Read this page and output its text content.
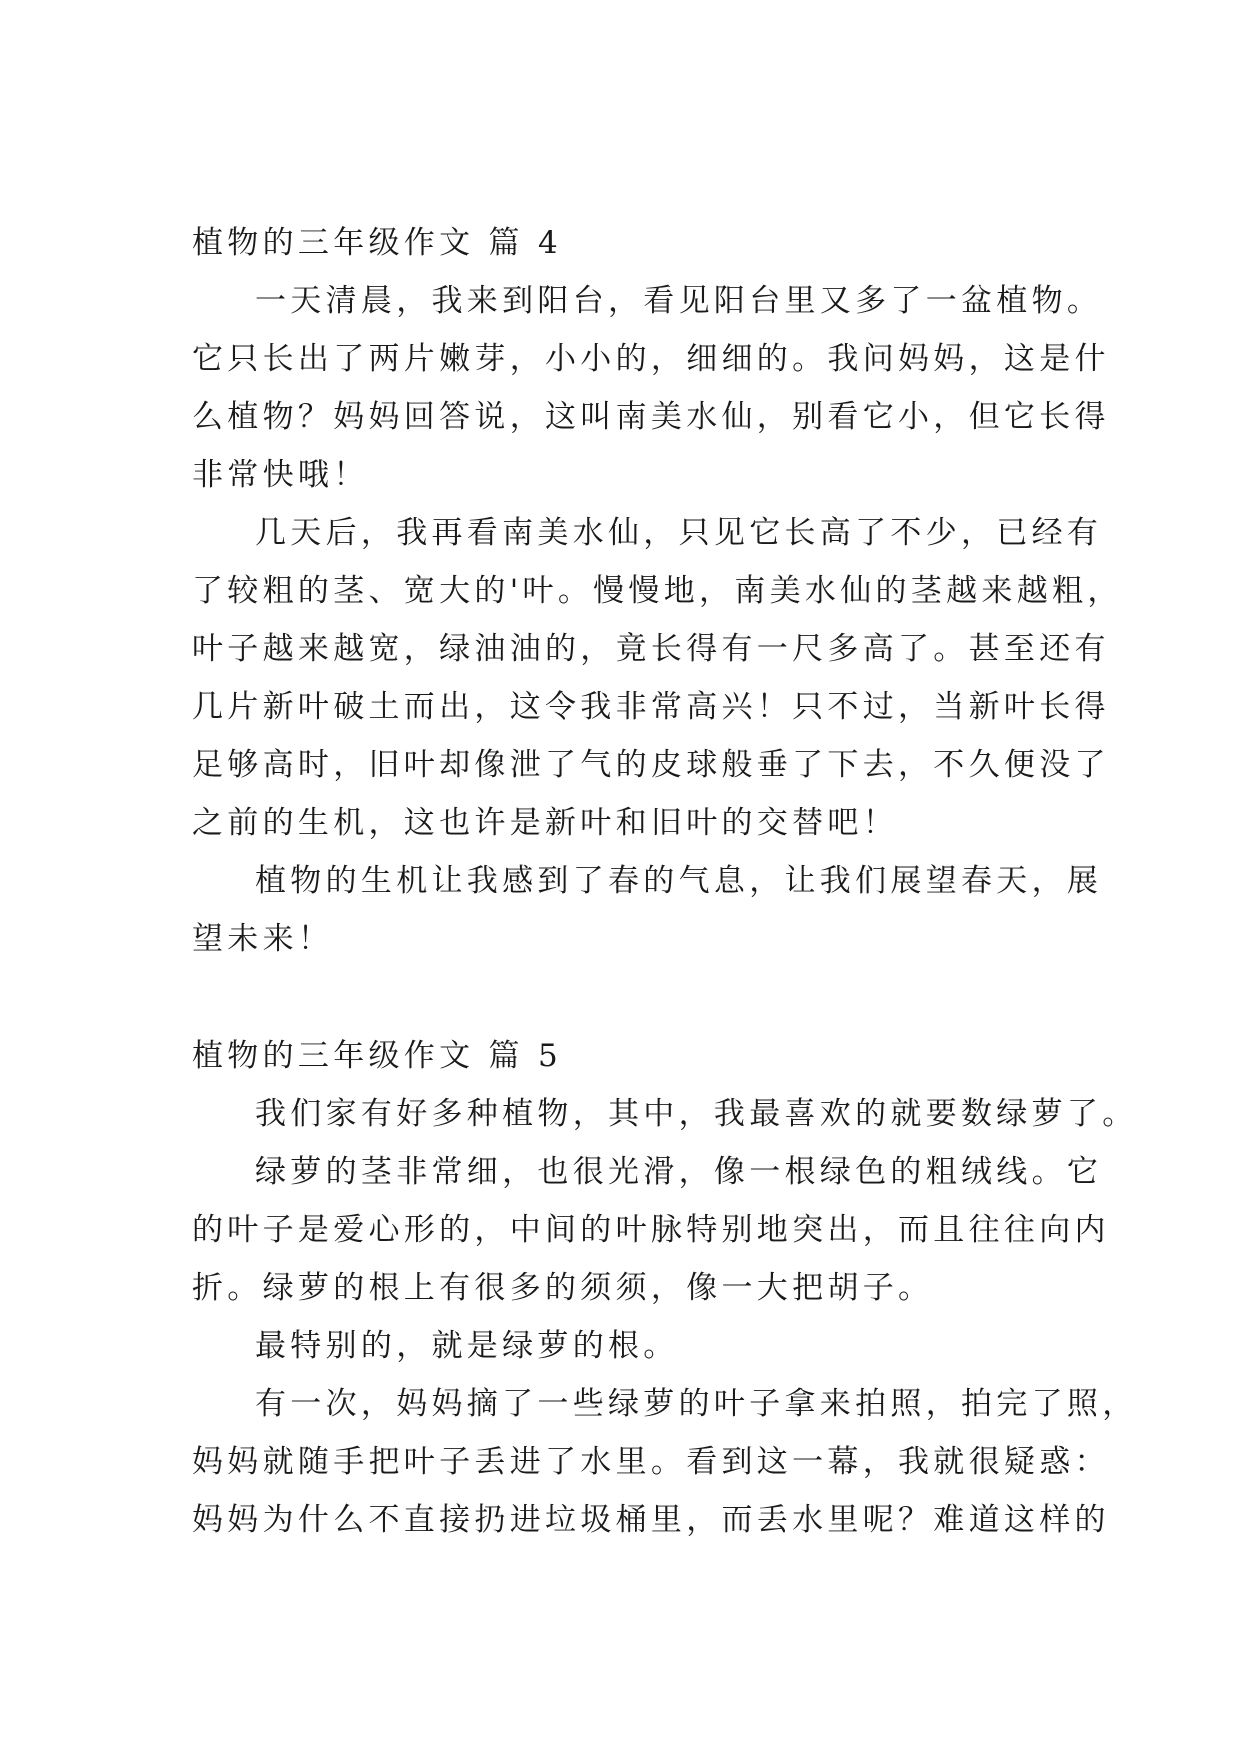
植物的三年级作文 篇 4
一天清晨，我来到阳台，看见阳台里又多了一盆植物。
它只长出了两片嫩芽，小小的，细细的。我问妈妈，这是什
么植物？妈妈回答说，这叫南美水仙，别看它小，但它长得
非常快哦！
几天后，我再看南美水仙，只见它长高了不少，已经有
了较粗的茎、宽大的'叶。慢慢地，南美水仙的茎越来越粗，
叶子越来越宽，绿油油的，竟长得有一尺多高了。甚至还有
几片新叶破土而出，这令我非常高兴！只不过，当新叶长得
足够高时，旧叶却像泄了气的皮球般垂了下去，不久便没了
之前的生机，这也许是新叶和旧叶的交替吧！
植物的生机让我感到了春的气息，让我们展望春天，展
望未来！
植物的三年级作文 篇 5
我们家有好多种植物，其中，我最喜欢的就要数绿萝了。
绿萝的茎非常细，也很光滑，像一根绿色的粗绒线。它
的叶子是爱心形的，中间的叶脉特别地突出，而且往往向内
折。绿萝的根上有很多的须须，像一大把胡子。
最特别的，就是绿萝的根。
有一次，妈妈摘了一些绿萝的叶子拿来拍照，拍完了照，
妈妈就随手把叶子丢进了水里。看到这一幕，我就很疑惑：
妈妈为什么不直接扔进垃圾桶里，而丢水里呢？难道这样的
